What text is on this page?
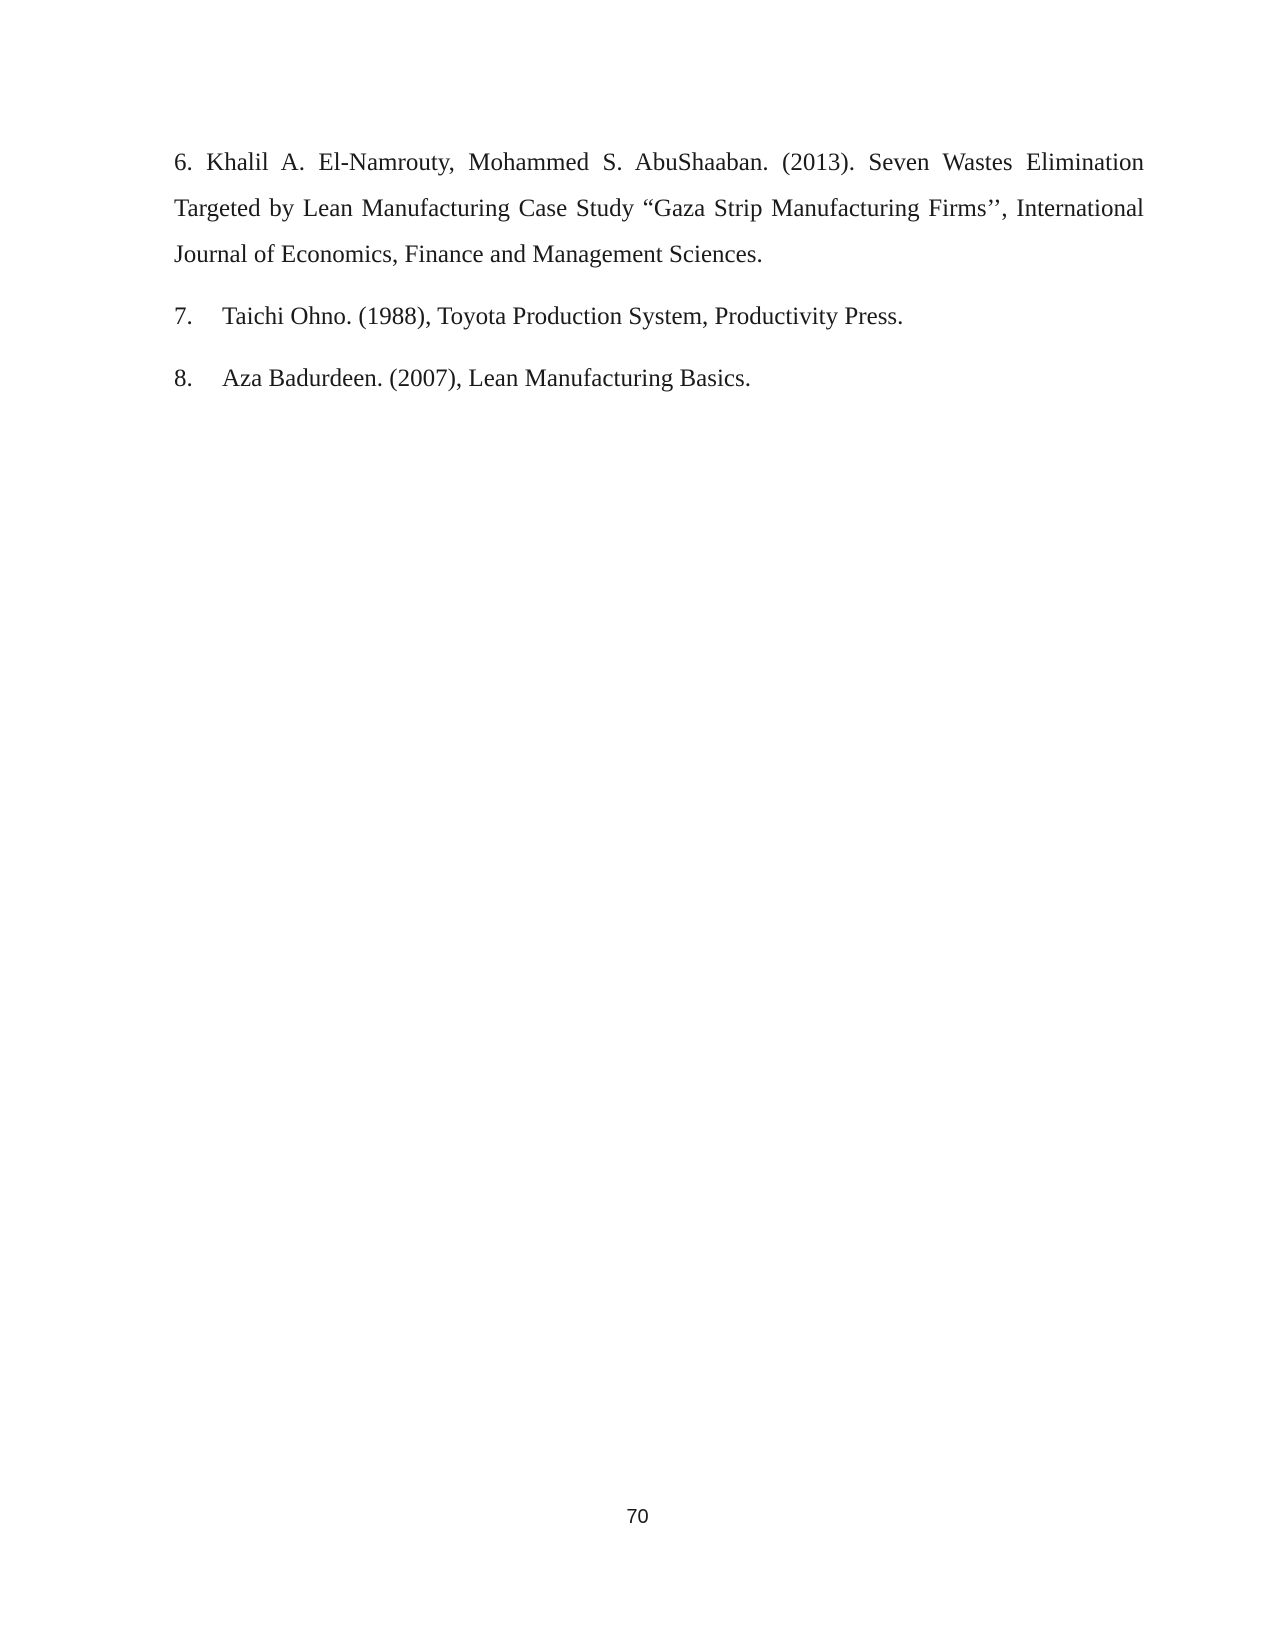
6. Khalil A. El-Namrouty, Mohammed S. AbuShaaban. (2013). Seven Wastes Elimination Targeted by Lean Manufacturing Case Study “Gaza Strip Manufacturing Firms’’, International Journal of Economics, Finance and Management Sciences.

7.	Taichi Ohno. (1988), Toyota Production System, Productivity Press.

8.	Aza Badurdeen. (2007), Lean Manufacturing Basics.

70
